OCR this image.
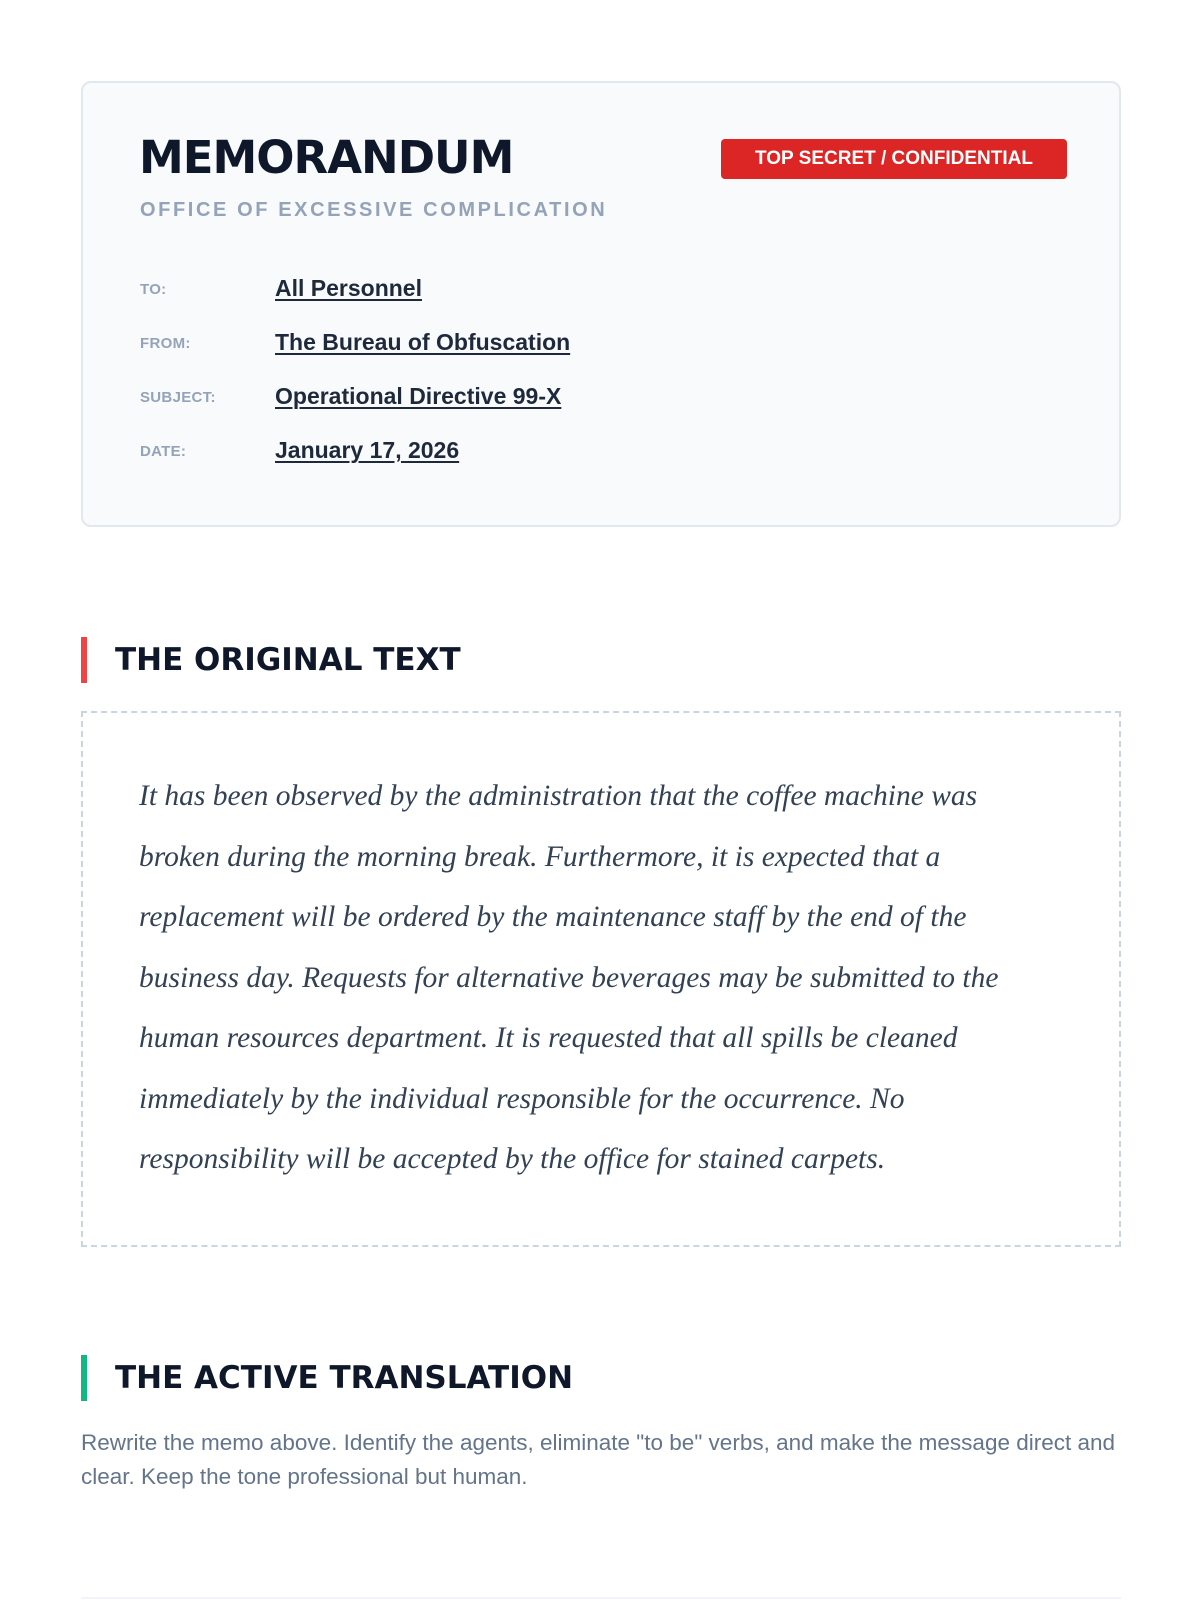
MEMORANDUM

OFFICE OF EXCESSIVE COMPLICATION

TOP SECRET / CONFIDENTIAL
TO:	All Personnel
FROM:	The Bureau of Obfuscation
SUBJECT:	Operational Directive 99-X
DATE:	January 17, 2026
THE ORIGINAL TEXT

It has been observed by the administration that the coffee machine was broken during the morning break. Furthermore, it is expected that a replacement will be ordered by the maintenance staff by the end of the business day. Requests for alternative beverages may be submitted to the human resources department. It is requested that all spills be cleaned immediately by the individual responsible for the occurrence. No responsibility will be accepted by the office for stained carpets.

THE ACTIVE TRANSLATION

Rewrite the memo above. Identify the agents, eliminate "to be" verbs, and make the message direct and clear. Keep the tone professional but human.
